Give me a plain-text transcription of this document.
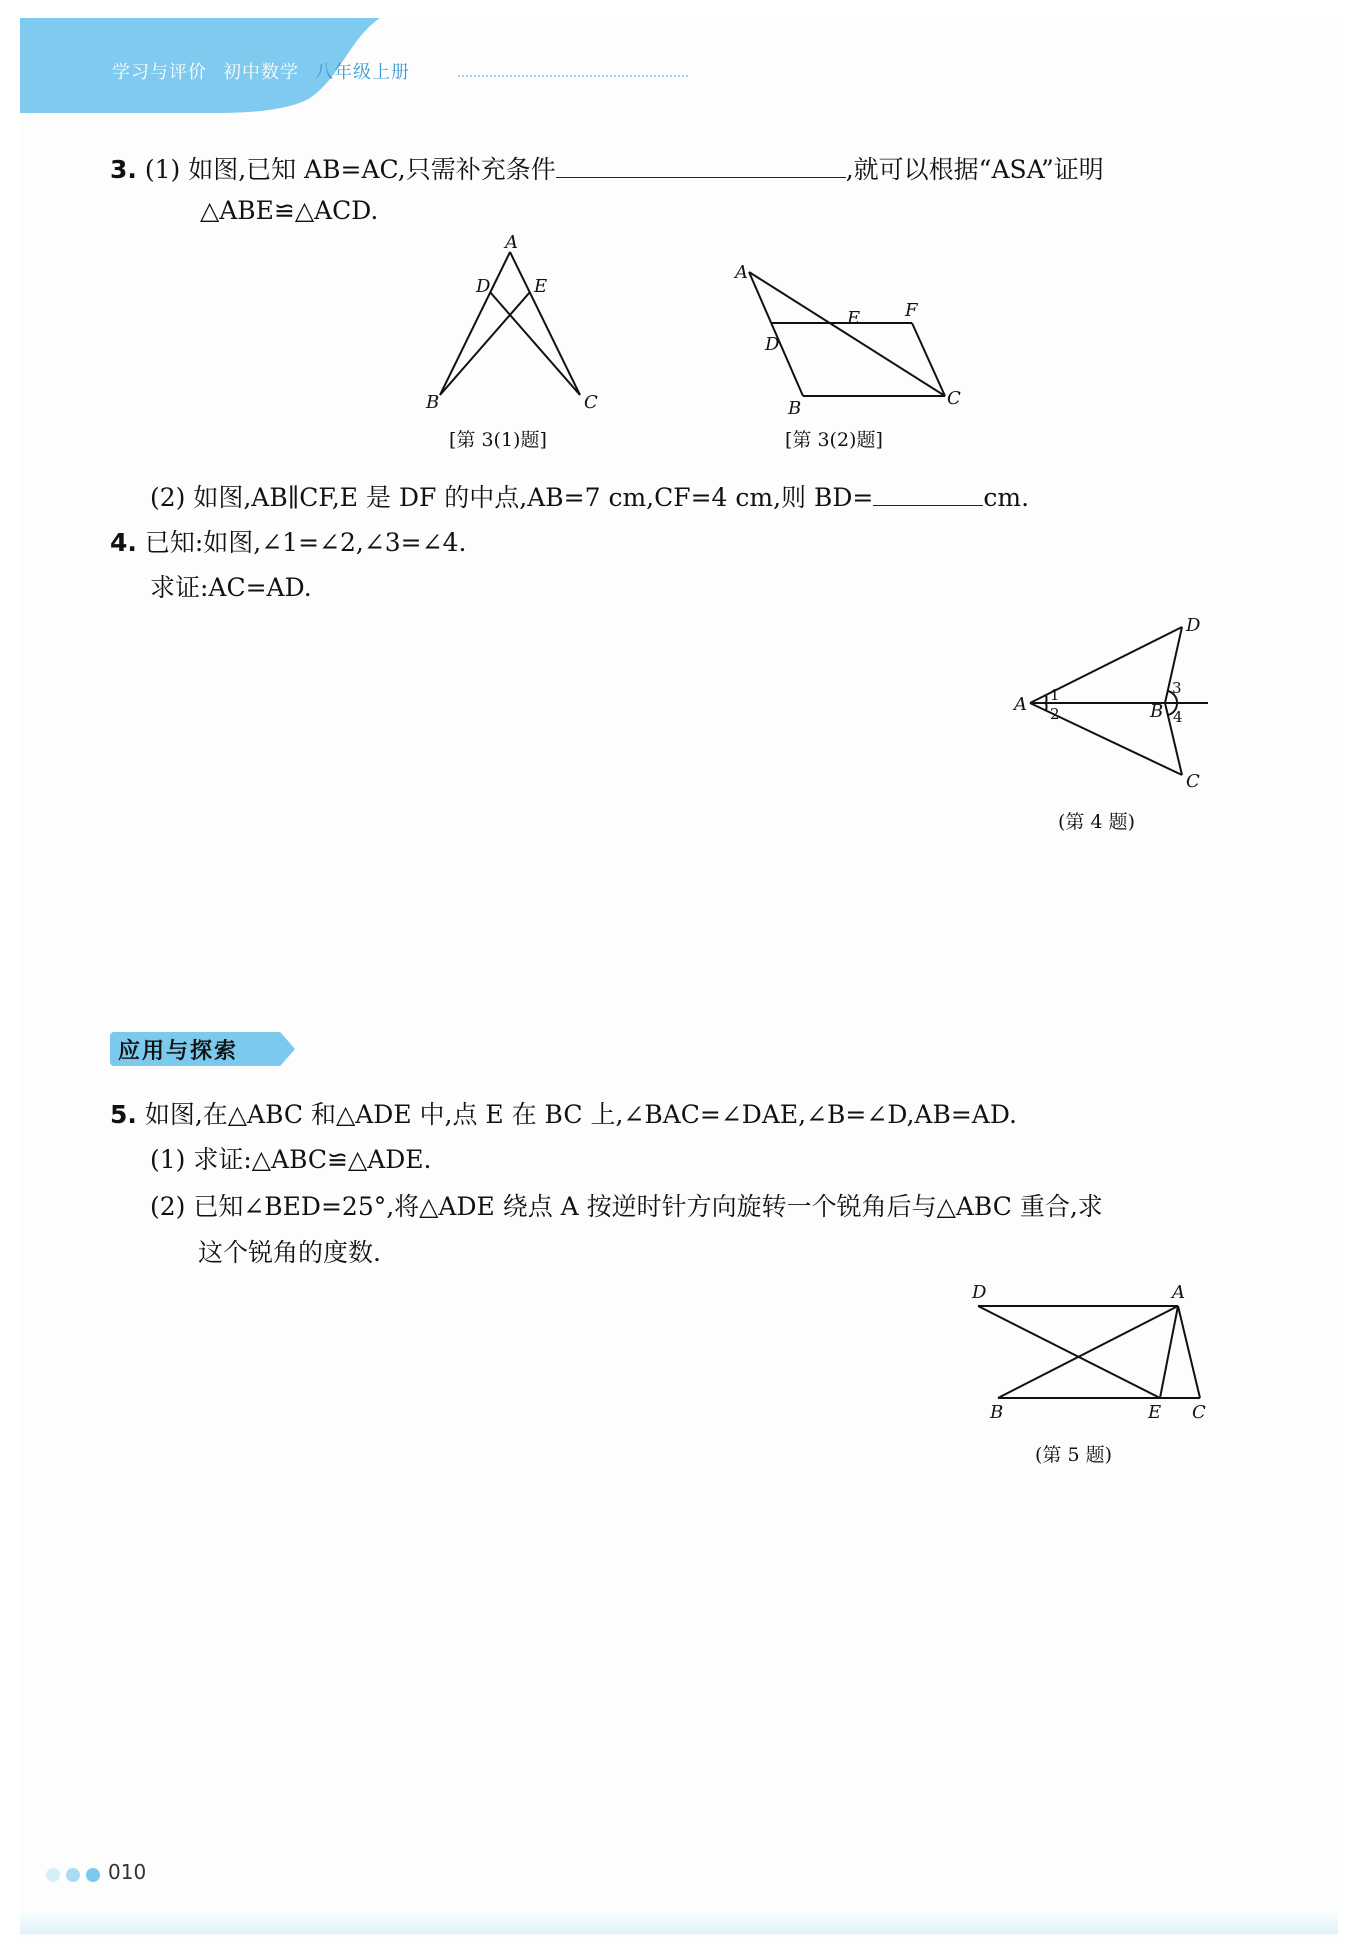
学习与评价 初中数学 八年级上册
3. (1) 如图,已知 AB=AC,只需补充条件	,就可以根据“ASA”证明
△ABE≌△ACD.
A
D E
B	C
[第 3(1)题]
A
D
E F
B	C
[第 3(2)题]
(2) 如图,AB∥CF,E 是 DF 的中点,AB=7 cm,CF=4 cm,则 BD=	cm.
4. 已知:如图,∠1=∠2,∠3=∠4.
求证:AC=AD.
A 1
2	B
3
4
D
C
(第 4 题)
应用与探索
5. 如图,在△ABC 和△ADE 中,点 E 在 BC 上,∠BAC=∠DAE,∠B=∠D,AB=AD.
(1) 求证:△ABC≌△ADE.
(2) 已知∠BED=25°,将△ADE 绕点 A 按逆时针方向旋转一个锐角后与△ABC 重合,求
这个锐角的度数.
D	A
B	E C
(第 5 题)
010
